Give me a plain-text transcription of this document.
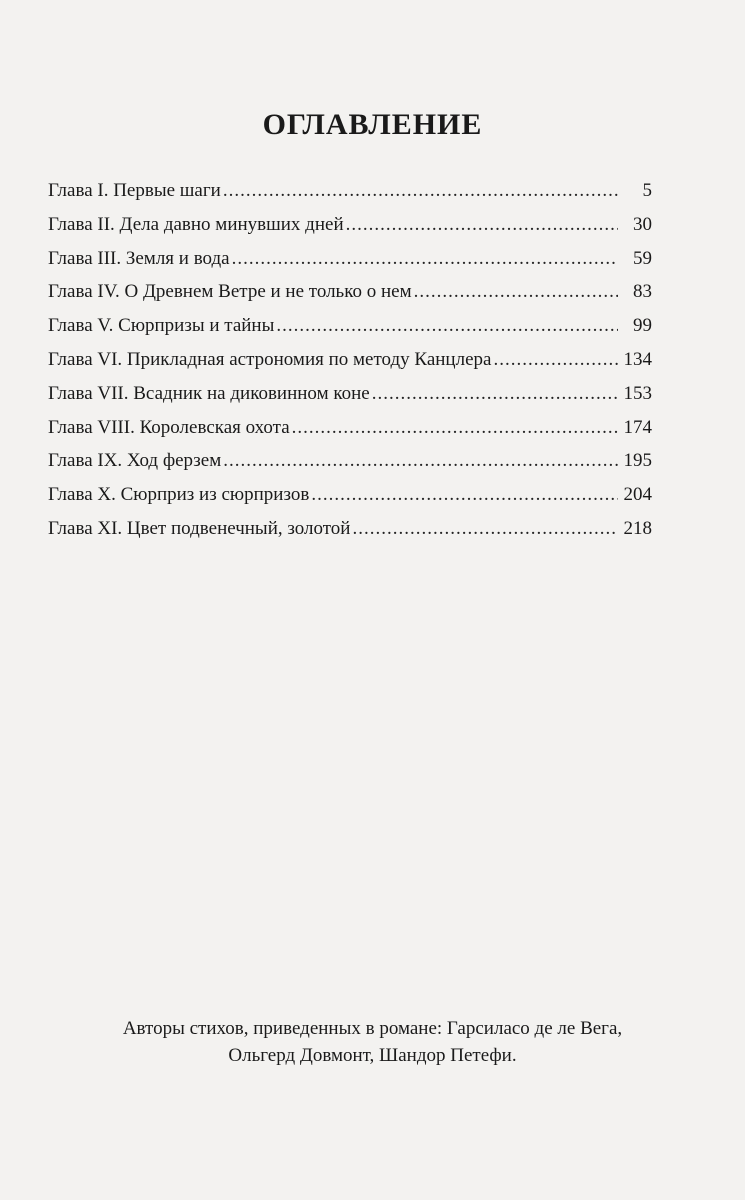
ОГЛАВЛЕНИЕ
Глава I. Первые шаги .....	5
Глава II. Дела давно минувших дней .....	30
Глава III. Земля и вода .....	59
Глава IV. О Древнем Ветре и не только о нем .....	83
Глава V. Сюрпризы и тайны .....	99
Глава VI. Прикладная астрономия по методу Канцлера .....	134
Глава VII. Всадник на диковинном коне .....	153
Глава VIII. Королевская охота .....	174
Глава IX. Ход ферзем .....	195
Глава X. Сюрприз из сюрпризов .....	204
Глава XI. Цвет подвенечный, золотой .....	218
Авторы стихов, приведенных в романе: Гарсиласо де ле Вега,
Ольгерд Довмонт, Шандор Петефи.
